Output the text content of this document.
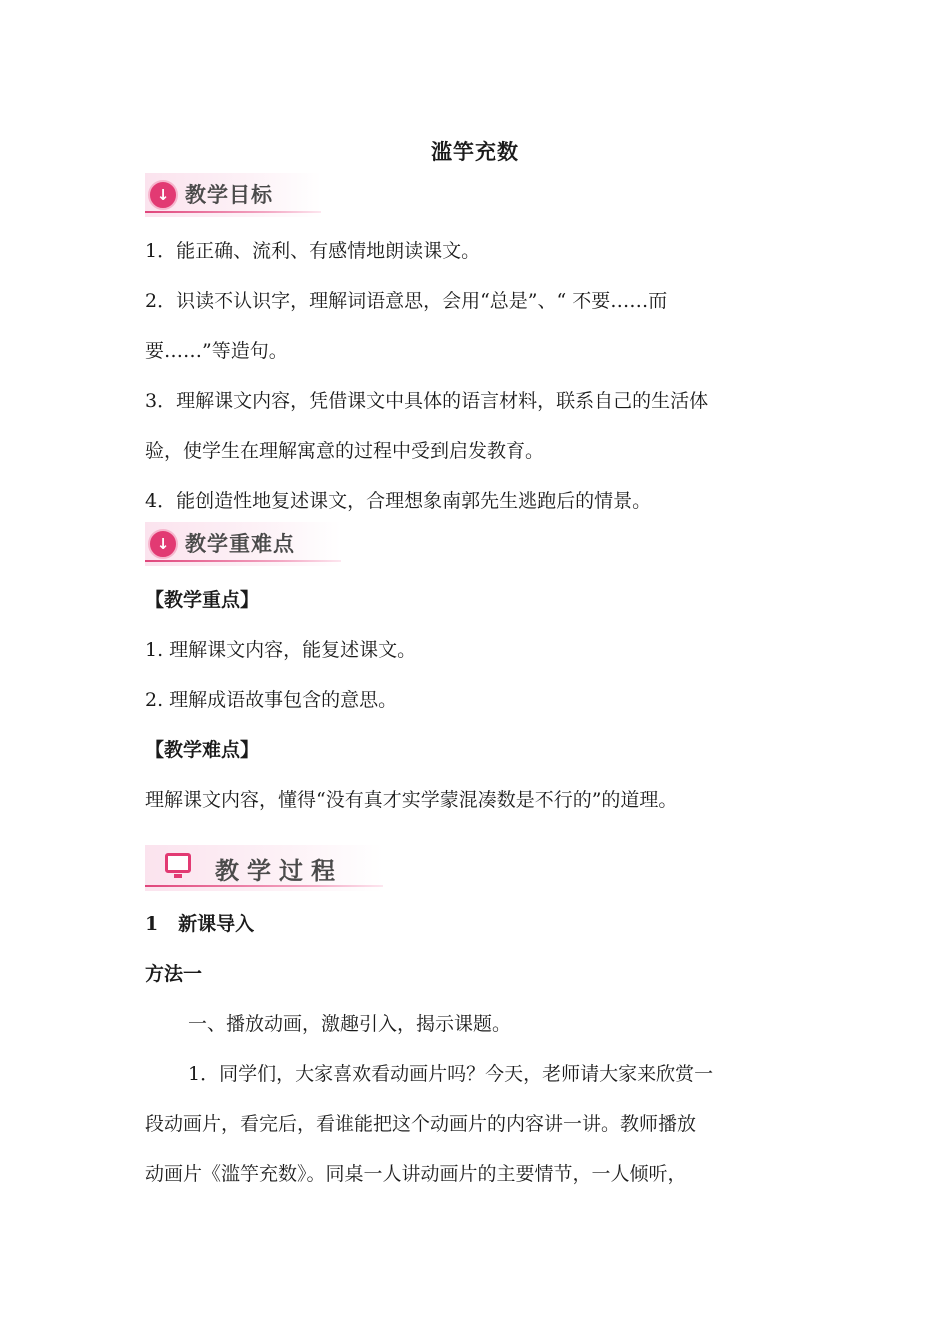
滥竽充数
↓ 教学目标
1．能正确、流利、有感情地朗读课文。
2．识读不认识字，理解词语意思，会用“总是”、“ 不要……而
要……”等造句。
3．理解课文内容，凭借课文中具体的语言材料，联系自己的生活体
验，使学生在理解寓意的过程中受到启发教育。
4．能创造性地复述课文，合理想象南郭先生逃跑后的情景。
↓ 教学重难点
【教学重点】
1. 理解课文内容，能复述课文。
2. 理解成语故事包含的意思。
【教学难点】
理解课文内容，懂得“没有真才实学蒙混凑数是不行的”的道理。
教学过程
1   新课导入
方法一
一、播放动画，激趣引入，揭示课题。
1．同学们，大家喜欢看动画片吗？今天，老师请大家来欣赏一
段动画片，看完后，看谁能把这个动画片的内容讲一讲。教师播放
动画片《滥竽充数》。同桌一人讲动画片的主要情节，一人倾听，
